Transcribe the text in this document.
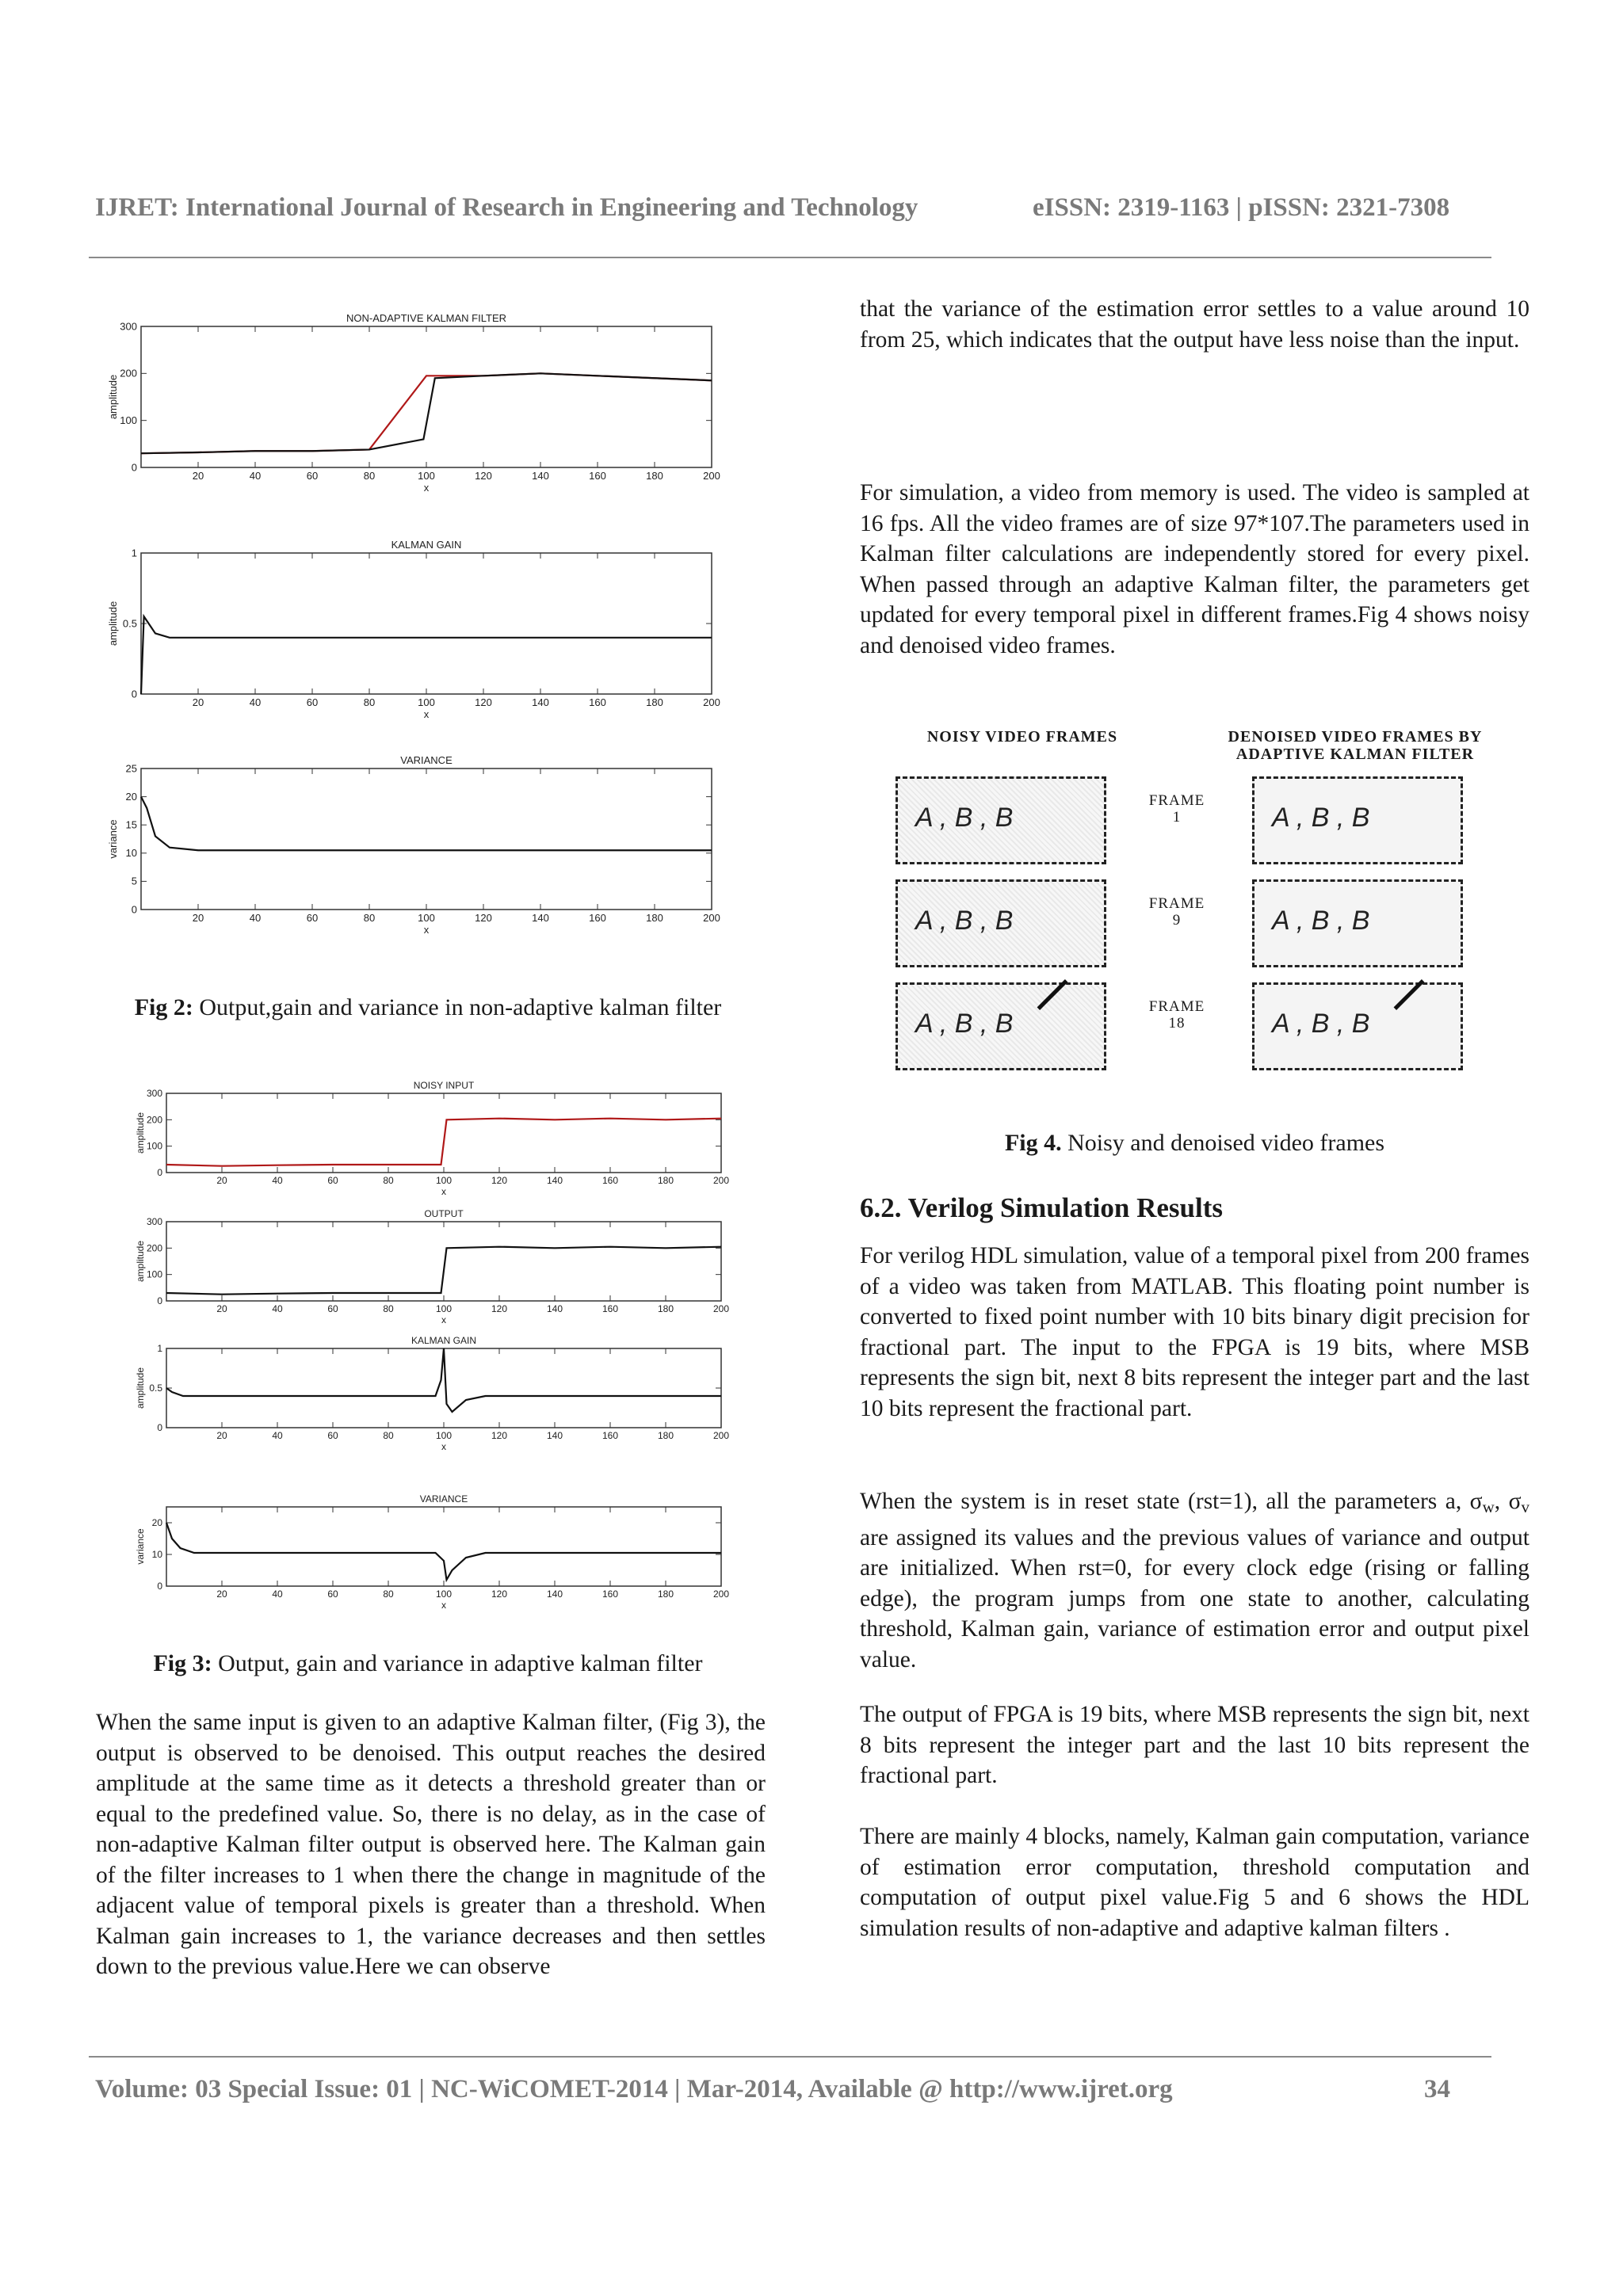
IJRET: International Journal of Research in Engineering and Technology	eISSN: 2319-1163 | pISSN: 2321-7308
NON-ADAPTIVE KALMAN FILTER
20	40	60	80	100	120	140	160	180	200
0
100
200
300
x
amplitude
KALMAN GAIN
20	40	60	80	100	120	140	160	180	200
0
0.5
1
x
amplitude
VARIANCE
20	40	60	80	100	120	140	160	180	200
0
5
10
15
20
25
x
variance
Fig 2: Output,gain and variance in non-adaptive kalman filter
NOISY INPUT
20	40	60	80	100	120	140	160	180	200
0
100
200
300
x
amplitude
OUTPUT
20	40	60	80	100	120	140	160	180	200
0
100
200
300
x
amplitude
KALMAN GAIN
20	40	60	80	100	120	140	160	180	200
0
0.5
1
x
amplitude
VARIANCE
20	40	60	80	100	120	140	160	180	200
0
10
20
x
variance
Fig 3: Output, gain and variance in adaptive kalman filter

When the same input is given to an adaptive Kalman filter, (Fig 3), the output is observed to be denoised. This output reaches the desired amplitude at the same time as it detects a threshold greater than or equal to the predefined value. So, there is no delay, as in the case of non-adaptive Kalman filter output is observed here. The Kalman gain of the filter increases to 1 when there the change in magnitude of the adjacent value of temporal pixels is greater than a threshold. When Kalman gain increases to 1, the variance decreases and then settles down to the previous value.Here we can observe

that the variance of the estimation error settles to a value around 10 from 25, which indicates that the output have less noise than the input.

For simulation, a video from memory is used. The video is sampled at 16 fps. All the video frames are of size 97*107.The parameters used in Kalman filter calculations are independently stored for every pixel. When passed through an adaptive Kalman filter, the parameters get updated for every temporal pixel in different frames.Fig 4 shows noisy and denoised video frames.

NOISY VIDEO FRAMES	DENOISED VIDEO FRAMES BY ADAPTIVE KALMAN FILTER
A , B , B	A , B , B
FRAME
1
A , B , B	A , B , B
FRAME
9
A , B , B	A , B , B
FRAME
18
Fig 4. Noisy and denoised video frames
6.2. Verilog Simulation Results

For verilog HDL simulation, value of a temporal pixel from 200 frames of a video was taken from MATLAB. This floating point number is converted to fixed point number with 10 bits binary digit precision for fractional part. The input to the FPGA is 19 bits, where MSB represents the sign bit, next 8 bits represent the integer part and the last 10 bits represent the fractional part.

When the system is in reset state (rst=1), all the parameters a, $\sigma_w$, $\sigma_v$ are assigned its values and the previous values of variance and output are initialized. When rst=0, for every clock edge (rising or falling edge), the program jumps from one state to another, calculating threshold, Kalman gain, variance of estimation error and output pixel value.

The output of FPGA is 19 bits, where MSB represents the sign bit, next 8 bits represent the integer part and the last 10 bits represent the fractional part.

There are mainly 4 blocks, namely, Kalman gain computation, variance of estimation error computation, threshold computation and computation of output pixel value.Fig 5 and 6 shows the HDL simulation results of non-adaptive and adaptive kalman filters .

Volume: 03 Special Issue: 01 | NC-WiCOMET-2014 | Mar-2014, Available @ http://www.ijret.org	34
